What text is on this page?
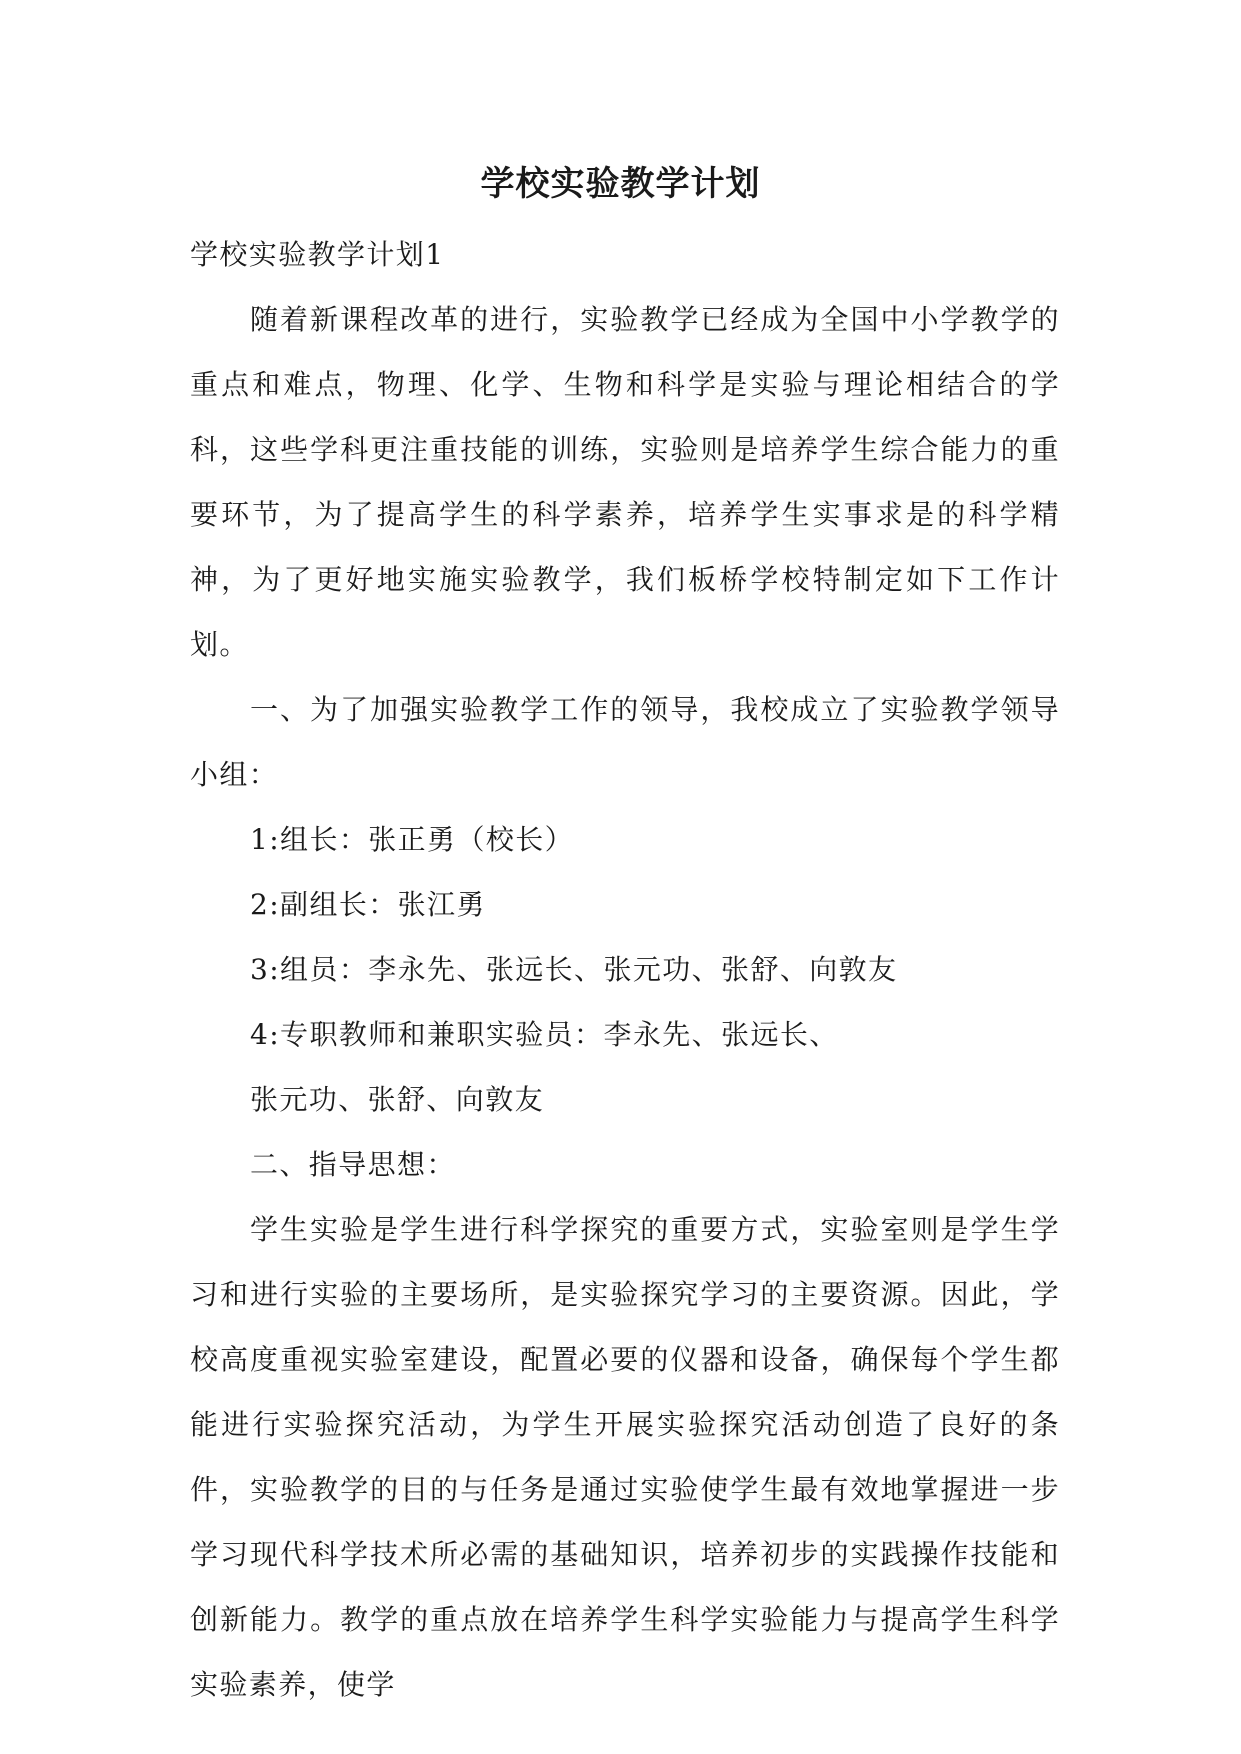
学校实验教学计划

学校实验教学计划1

随着新课程改革的进行，实验教学已经成为全国中小学教学的重点和难点，物理、化学、生物和科学是实验与理论相结合的学科，这些学科更注重技能的训练，实验则是培养学生综合能力的重要环节，为了提高学生的科学素养，培养学生实事求是的科学精神，为了更好地实施实验教学，我们板桥学校特制定如下工作计划。

一、为了加强实验教学工作的领导，我校成立了实验教学领导小组：

1:组长：张正勇（校长）

2:副组长：张江勇

3:组员：李永先、张远长、张元功、张舒、向敦友

4:专职教师和兼职实验员：李永先、张远长、

张元功、张舒、向敦友

二、指导思想：

学生实验是学生进行科学探究的重要方式，实验室则是学生学习和进行实验的主要场所，是实验探究学习的主要资源。因此，学校高度重视实验室建设，配置必要的仪器和设备，确保每个学生都能进行实验探究活动，为学生开展实验探究活动创造了良好的条件，实验教学的目的与任务是通过实验使学生最有效地掌握进一步学习现代科学技术所必需的基础知识，培养初步的实践操作技能和创新能力。教学的重点放在培养学生科学实验能力与提高学生科学实验素养，使学
